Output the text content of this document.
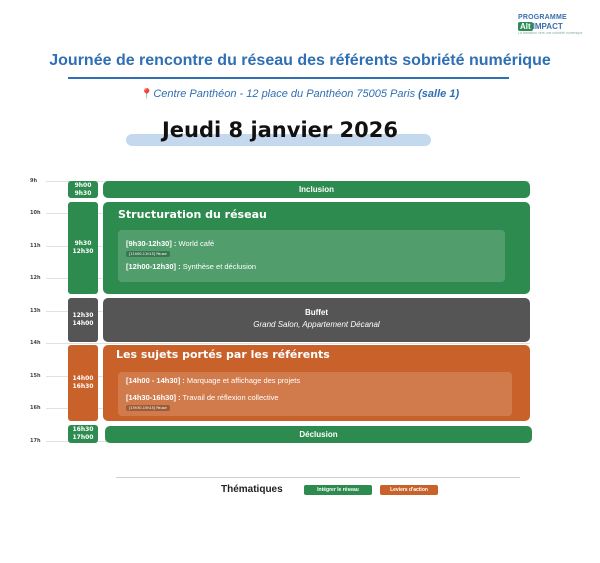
PROGRAMME
Alt IMPACT
La transition vers une sobriété numérique
Journée de rencontre du réseau des référents sobriété numérique
📍Centre Panthéon - 12 place du Panthéon 75005 Paris (salle 1)
Jeudi 8 janvier 2026
9h
10h
11h
12h
13h
14h
15h
16h
17h
9h00
9h30
9h30
12h30
12h30
14h00
14h00
16h30
16h30
17h00
Inclusion
Structuration du réseau
[9h30-12h30] : World café
[11h00-11h15] Pause
[12h00-12h30] : Synthèse et déclusion
Buffet
Grand Salon, Appartement Décanal
Les sujets portés par les référents
[14h00 - 14h30] : Marquage et affichage des projets
[14h30-16h30] : Travail de réflexion collective
[15h30-15h15] Pause
Déclusion
Thématiques	Intégrer le réseau	Leviers d'action
